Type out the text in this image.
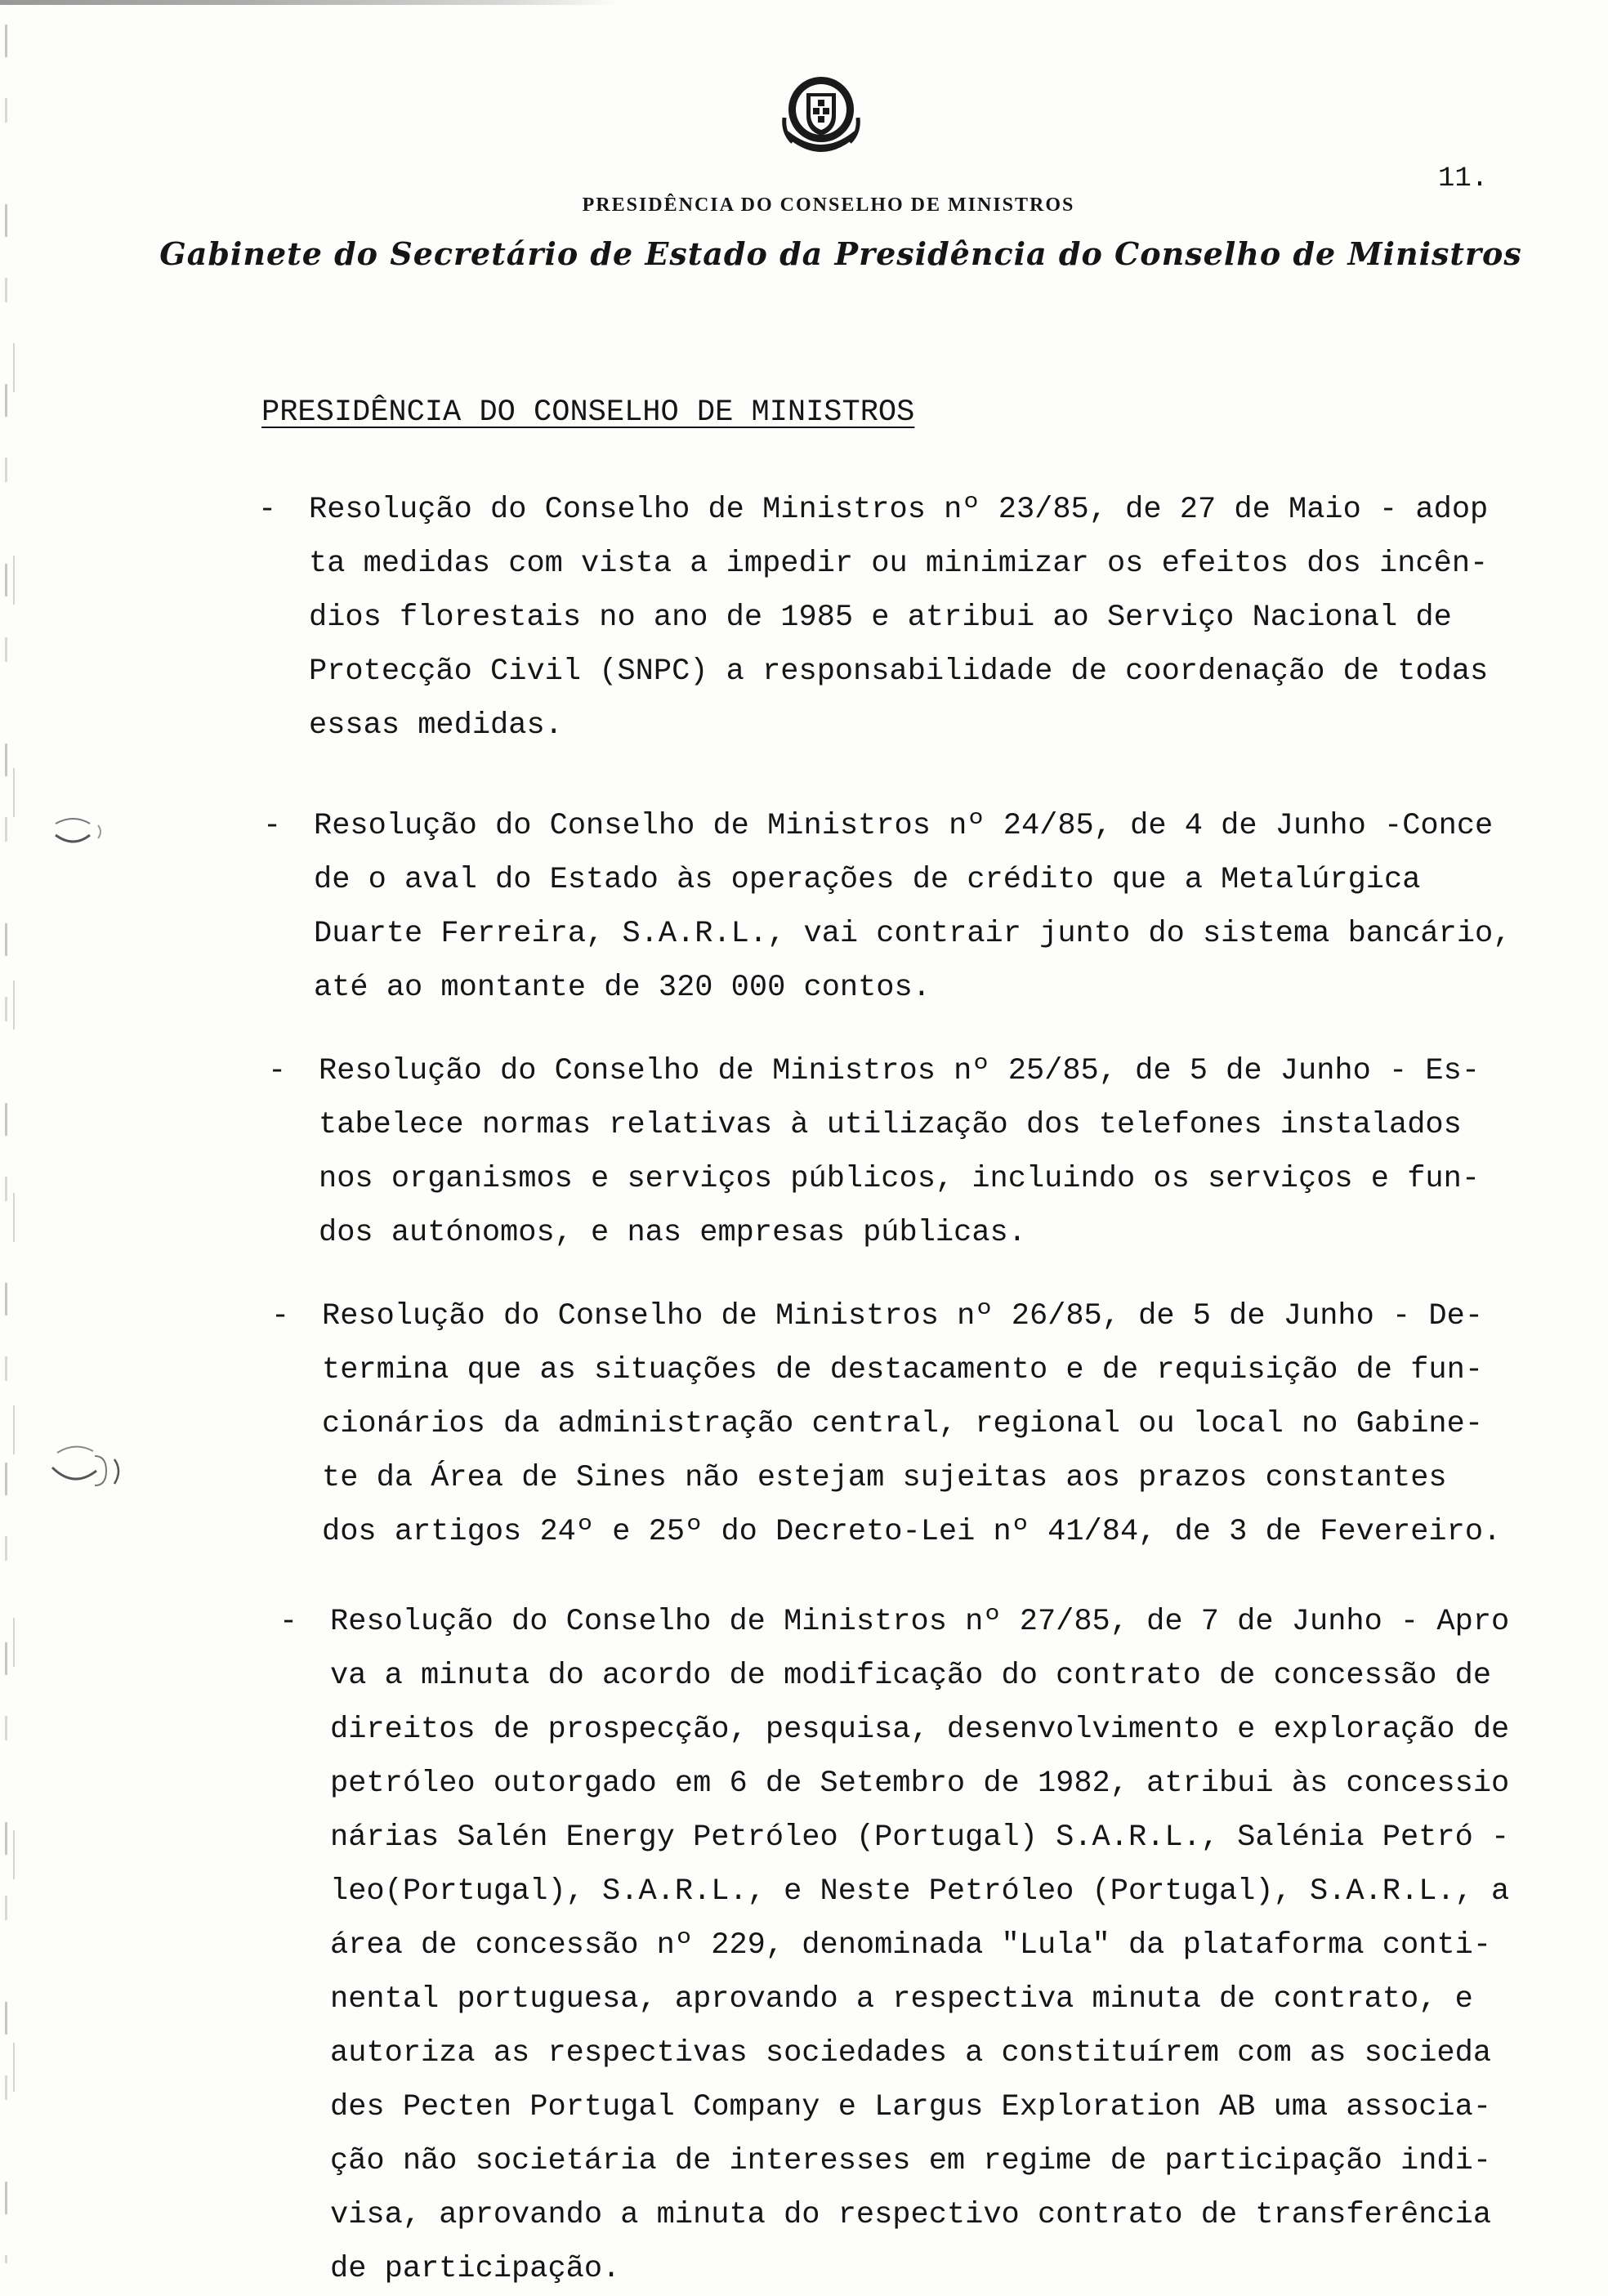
PRESIDÊNCIA DO CONSELHO DE MINISTROS
Gabinete do Secretário de Estado da Presidência do Conselho de Ministros
11.
PRESIDÊNCIA DO CONSELHO DE MINISTROS
- Resolução do Conselho de Ministros nº 23/85, de 27 de Maio - adop
ta medidas com vista a impedir ou minimizar os efeitos dos incên-
dios florestais no ano de 1985 e atribui ao Serviço Nacional de
Protecção Civil (SNPC) a responsabilidade de coordenação de todas
essas medidas.
- Resolução do Conselho de Ministros nº 24/85, de 4 de Junho -Conce
de o aval do Estado às operações de crédito que a Metalúrgica
Duarte Ferreira, S.A.R.L., vai contrair junto do sistema bancário,
até ao montante de 320 000 contos.
- Resolução do Conselho de Ministros nº 25/85, de 5 de Junho - Es-
tabelece normas relativas à utilização dos telefones instalados
nos organismos e serviços públicos, incluindo os serviços e fun-
dos autónomos, e nas empresas públicas.
- Resolução do Conselho de Ministros nº 26/85, de 5 de Junho - De-
termina que as situações de destacamento e de requisição de fun-
cionários da administração central, regional ou local no Gabine-
te da Área de Sines não estejam sujeitas aos prazos constantes
dos artigos 24º e 25º do Decreto-Lei nº 41/84, de 3 de Fevereiro.
- Resolução do Conselho de Ministros nº 27/85, de 7 de Junho - Apro
va a minuta do acordo de modificação do contrato de concessão de
direitos de prospecção, pesquisa, desenvolvimento e exploração de
petróleo outorgado em 6 de Setembro de 1982, atribui às concessio
nárias Salén Energy Petróleo (Portugal) S.A.R.L., Salénia Petró -
leo(Portugal), S.A.R.L., e Neste Petróleo (Portugal), S.A.R.L., a
área de concessão nº 229, denominada "Lula" da plataforma conti-
nental portuguesa, aprovando a respectiva minuta de contrato, e
autoriza as respectivas sociedades a constituírem com as socieda
des Pecten Portugal Company e Largus Exploration AB uma associa-
ção não societária de interesses em regime de participação indi-
visa, aprovando a minuta do respectivo contrato de transferência
de participação.
